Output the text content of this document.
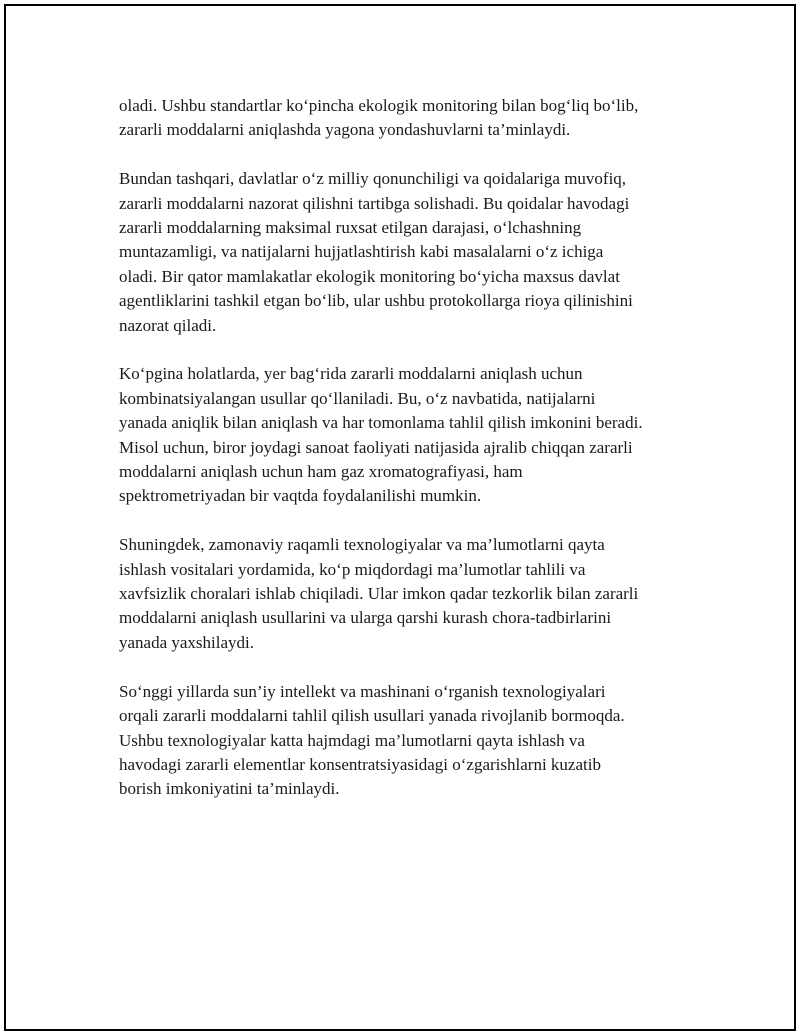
oladi. Ushbu standartlar ko‘pincha ekologik monitoring bilan bog‘liq bo‘lib,
zararli moddalarni aniqlashda yagona yondashuvlarni ta’minlaydi.

Bundan tashqari, davlatlar o‘z milliy qonunchiligi va qoidalariga muvofiq,
zararli moddalarni nazorat qilishni tartibga solishadi. Bu qoidalar havodagi
zararli moddalarning maksimal ruxsat etilgan darajasi, o‘lchashning
muntazamligi, va natijalarni hujjatlashtirish kabi masalalarni o‘z ichiga
oladi. Bir qator mamlakatlar ekologik monitoring bo‘yicha maxsus davlat
agentliklarini tashkil etgan bo‘lib, ular ushbu protokollarga rioya qilinishini
nazorat qiladi.

Ko‘pgina holatlarda, yer bag‘rida zararli moddalarni aniqlash uchun
kombinatsiyalangan usullar qo‘llaniladi. Bu, o‘z navbatida, natijalarni
yanada aniqlik bilan aniqlash va har tomonlama tahlil qilish imkonini beradi.
Misol uchun, biror joydagi sanoat faoliyati natijasida ajralib chiqqan zararli
moddalarni aniqlash uchun ham gaz xromatografiyasi, ham
spektrometriyadan bir vaqtda foydalanilishi mumkin.

Shuningdek, zamonaviy raqamli texnologiyalar va ma’lumotlarni qayta
ishlash vositalari yordamida, ko‘p miqdordagi ma’lumotlar tahlili va
xavfsizlik choralari ishlab chiqiladi. Ular imkon qadar tezkorlik bilan zararli
moddalarni aniqlash usullarini va ularga qarshi kurash chora-tadbirlarini
yanada yaxshilaydi.

So‘nggi yillarda sun’iy intellekt va mashinani o‘rganish texnologiyalari
orqali zararli moddalarni tahlil qilish usullari yanada rivojlanib bormoqda.
Ushbu texnologiyalar katta hajmdagi ma’lumotlarni qayta ishlash va
havodagi zararli elementlar konsentratsiyasidagi o‘zgarishlarni kuzatib
borish imkoniyatini ta’minlaydi.
